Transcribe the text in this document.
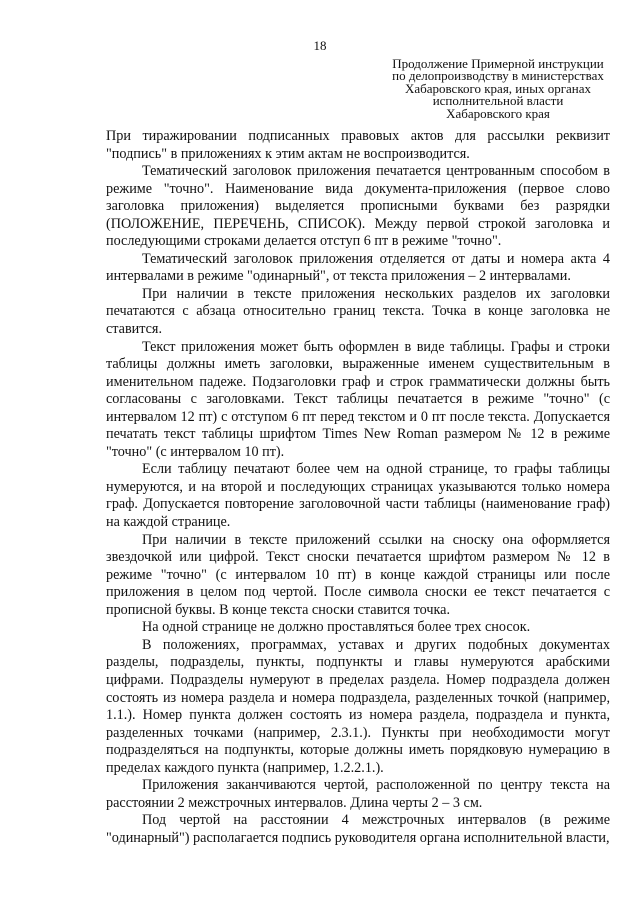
18
Продолжение Примерной инструкции
по делопроизводству в министерствах
Хабаровского края, иных органах
исполнительной власти
Хабаровского края

При тиражировании подписанных правовых актов для рассылки реквизит "подпись" в приложениях к этим актам не воспроизводится.

Тематический заголовок приложения печатается центрованным способом в режиме "точно". Наименование вида документа-приложения (первое слово заголовка приложения) выделяется прописными буквами без разрядки (ПОЛОЖЕНИЕ, ПЕРЕЧЕНЬ, СПИСОК). Между первой строкой заголовка и последующими строками делается отступ 6 пт в режиме "точно".

Тематический заголовок приложения отделяется от даты и номера акта 4 интервалами в режиме "одинарный", от текста приложения – 2 интервалами.

При наличии в тексте приложения нескольких разделов их заголовки печатаются с абзаца относительно границ текста. Точка в конце заголовка не ставится.

Текст приложения может быть оформлен в виде таблицы. Графы и строки таблицы должны иметь заголовки, выраженные именем существительным в именительном падеже. Подзаголовки граф и строк грамматически должны быть согласованы с заголовками. Текст таблицы печатается в режиме "точно" (с интервалом 12 пт) с отступом 6 пт перед текстом и 0 пт после текста. Допускается печатать текст таблицы шрифтом Times New Roman размером № 12 в режиме "точно" (с интервалом 10 пт).

Если таблицу печатают более чем на одной странице, то графы таблицы нумеруются, и на второй и последующих страницах указываются только номера граф. Допускается повторение заголовочной части таблицы (наименование граф) на каждой странице.

При наличии в тексте приложений ссылки на сноску она оформляется звездочкой или цифрой. Текст сноски печатается шрифтом размером № 12 в режиме "точно" (с интервалом 10 пт) в конце каждой страницы или после приложения в целом под чертой. После символа сноски ее текст печатается с прописной буквы. В конце текста сноски ставится точка.

На одной странице не должно проставляться более трех сносок.

В положениях, программах, уставах и других подобных документах разделы, подразделы, пункты, подпункты и главы нумеруются арабскими цифрами. Подразделы нумеруют в пределах раздела. Номер подраздела должен состоять из номера раздела и номера подраздела, разделенных точкой (например, 1.1.). Номер пункта должен состоять из номера раздела, подраздела и пункта, разделенных точками (например, 2.3.1.). Пункты при необходимости могут подразделяться на подпункты, которые должны иметь порядковую нумерацию в пределах каждого пункта (например, 1.2.2.1.).

Приложения заканчиваются чертой, расположенной по центру текста на расстоянии 2 межстрочных интервалов. Длина черты 2 – 3 см.

Под чертой на расстоянии 4 межстрочных интервалов (в режиме "одинарный") располагается подпись руководителя органа исполнительной власти,
